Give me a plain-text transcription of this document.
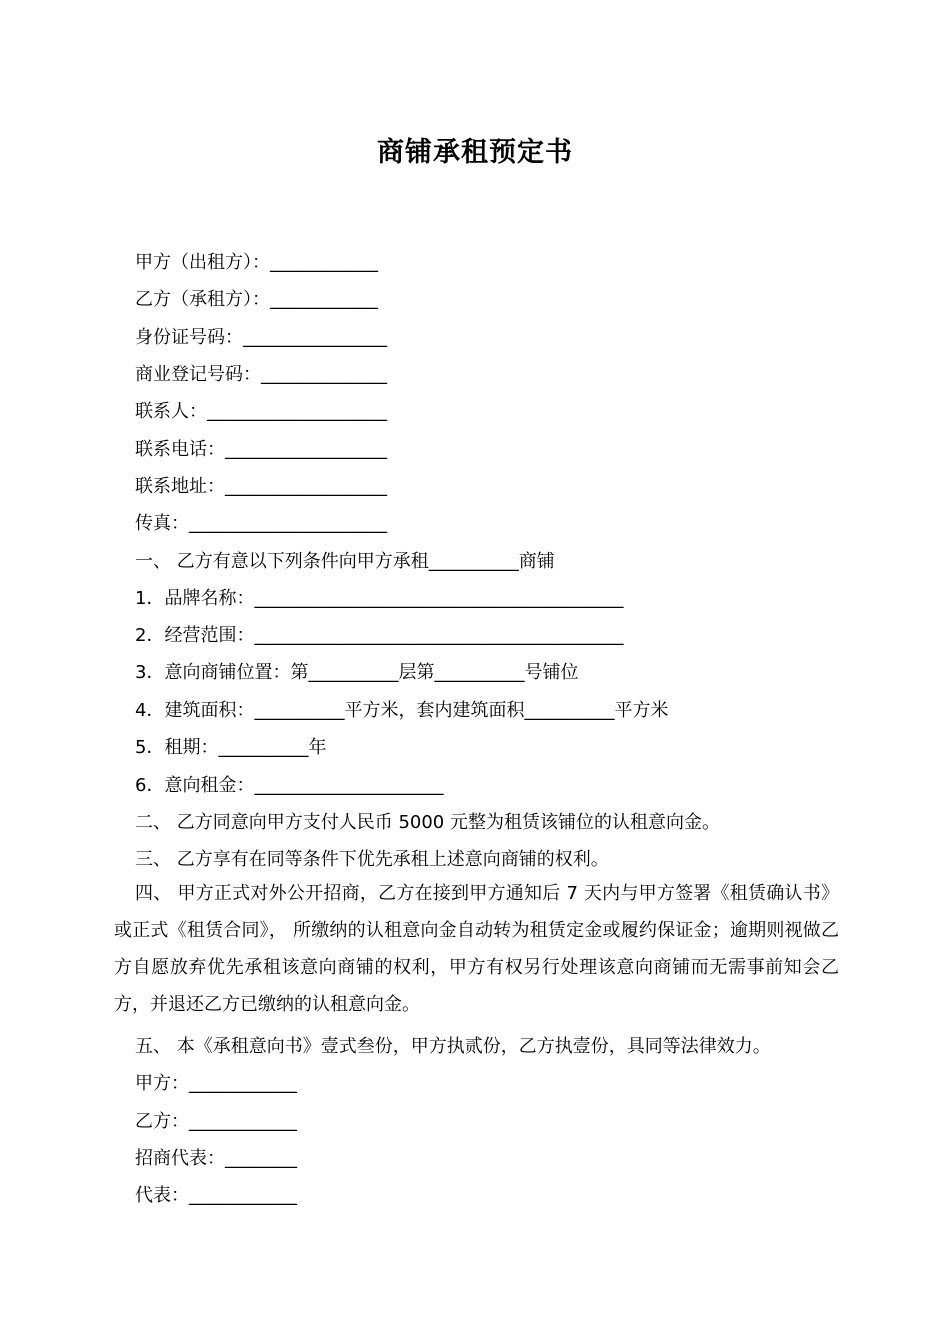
商铺承租预定书
甲方（出租方）：____________
乙方（承租方）：____________
身份证号码：________________
商业登记号码：______________
联系人：____________________
联系电话：__________________
联系地址：__________________
传真：______________________
一、 乙方有意以下列条件向甲方承租__________商铺
1．品牌名称：_________________________________________
2．经营范围：_________________________________________
3．意向商铺位置：第__________层第__________号铺位
4．建筑面积：__________平方米，套内建筑面积__________平方米
5．租期：__________年
6．意向租金：_____________________
二、 乙方同意向甲方支付人民币 5000 元整为租赁该铺位的认租意向金。
三、 乙方享有在同等条件下优先承租上述意向商铺的权利。
四、 甲方正式对外公开招商，乙方在接到甲方通知后 7 天内与甲方签署《租赁确认书》或正式《租赁合同》， 所缴纳的认租意向金自动转为租赁定金或履约保证金；逾期则视做乙方自愿放弃优先承租该意向商铺的权利，甲方有权另行处理该意向商铺而无需事前知会乙方，并退还乙方已缴纳的认租意向金。
五、 本《承租意向书》壹式叁份，甲方执贰份，乙方执壹份，具同等法律效力。
甲方：____________
乙方：____________
招商代表：________
代表：____________
